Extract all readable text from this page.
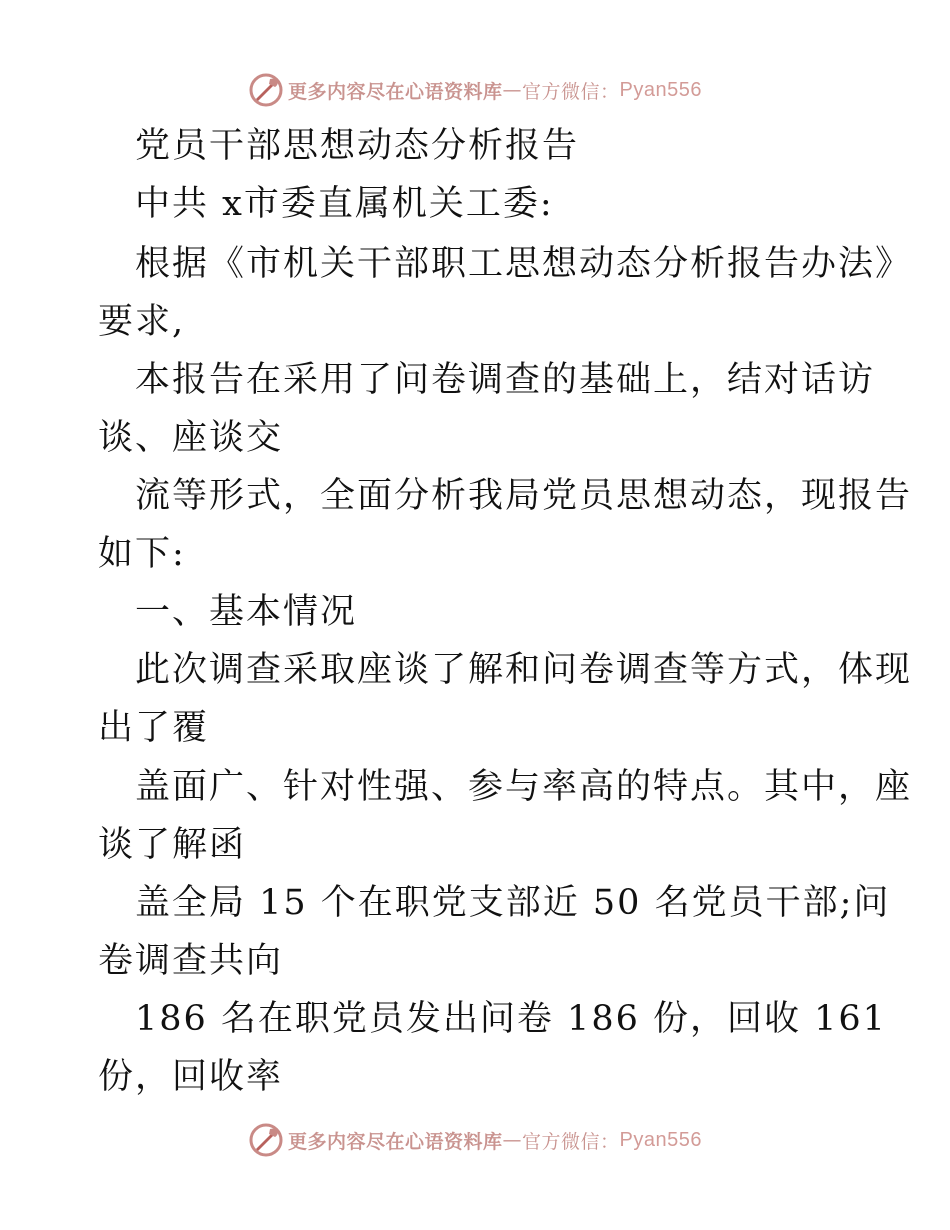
更多内容尽在心语资料库 — 官方微信： Pyan556
党员干部思想动态分析报告
中共 x市委直属机关工委:
根据《市机关干部职工思想动态分析报告办法》
要求,
本报告在采用了问卷调查的基础上，结对话访
谈、座谈交
流等形式，全面分析我局党员思想动态，现报告
如下:
一、基本情况
此次调查采取座谈了解和问卷调查等方式，体现
出了覆
盖面广、针对性强、参与率高的特点。其中，座
谈了解函
盖全局 15 个在职党支部近 50 名党员干部;问
卷调查共向
186 名在职党员发出问卷 186 份，回收 161
份，回收率
更多内容尽在心语资料库 — 官方微信： Pyan556
